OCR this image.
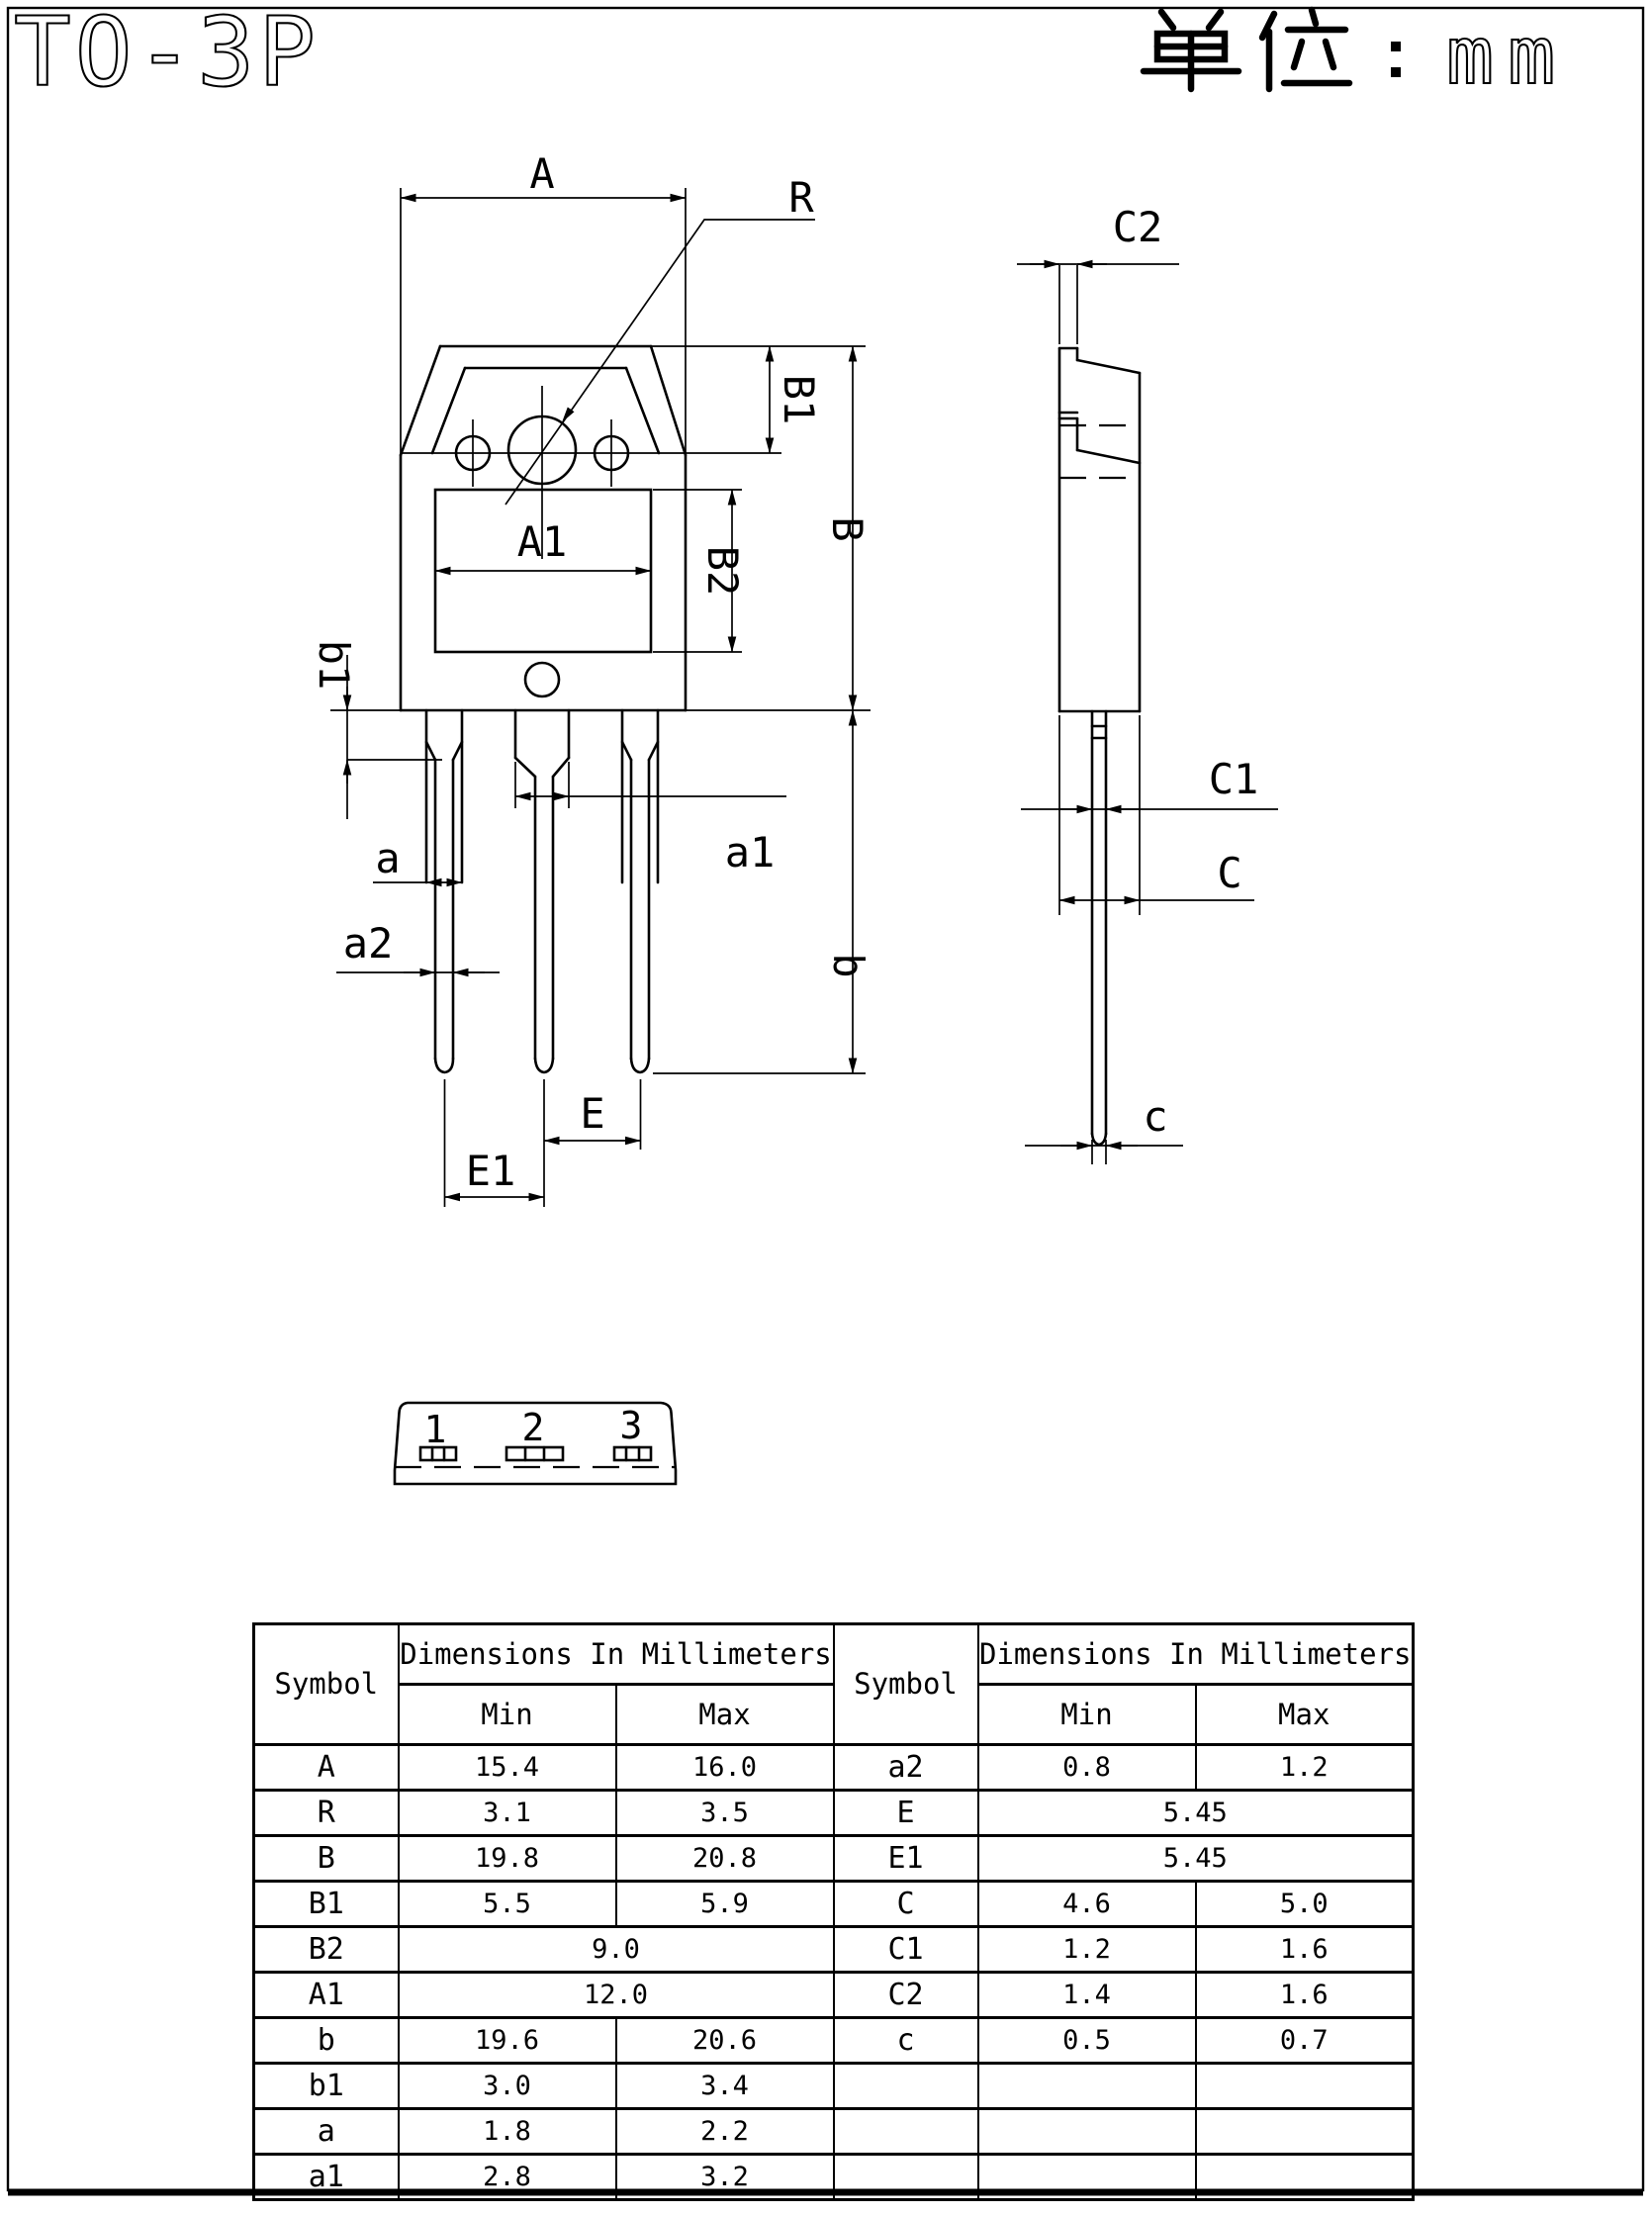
TO-3P	mm
A	R
B1
B
B2
A1
b1
a	a1
a2	b
E
E1
C2
C1
C
c
1 2 3
Symbol	Dimensions In Millimeters		Symbol	Dimensions In Millimeters	
	Min	Max		Min	Max
A	15.4	16.0	a2	0.8	1.2
R	3.1	3.5	E	5.45	
B	19.8	20.8	E1	5.45	
B1	5.5	5.9	C	4.6	5.0
B2	9.0		C1	1.2	1.6
A1	12.0		C2	1.4	1.6
b	19.6	20.6	c	0.5	0.7
b1	3.0	3.4			
a	1.8	2.2			
a1	2.8	3.2			
